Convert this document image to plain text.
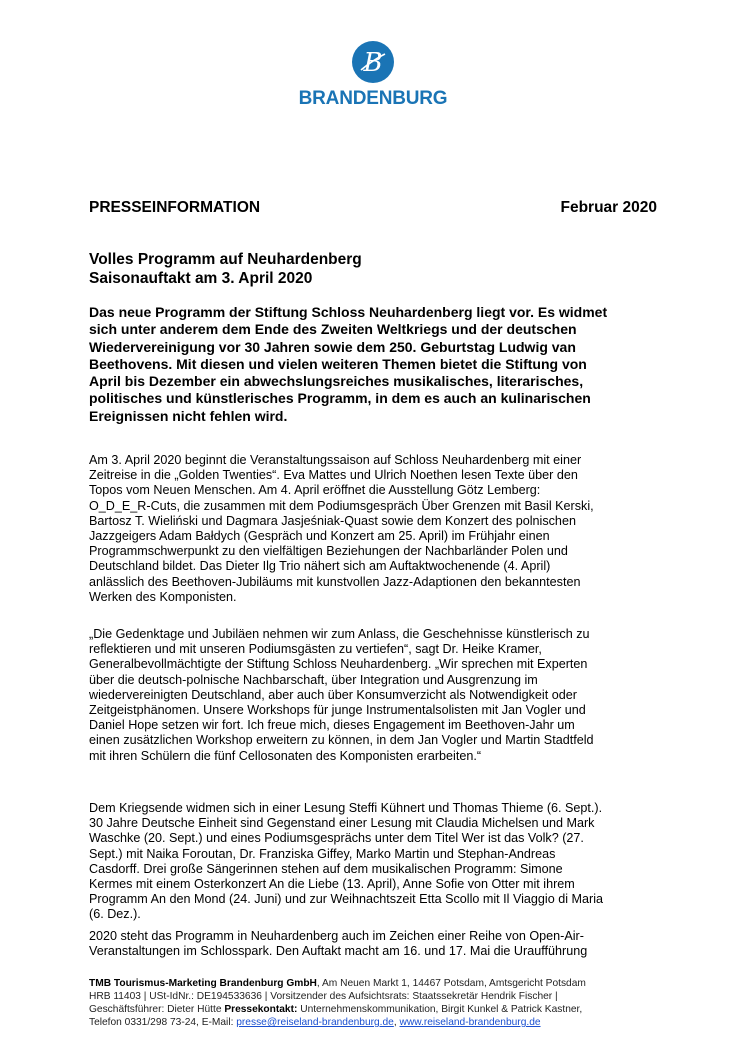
B
BRANDENBURG
PRESSEINFORMATION	Februar 2020
Volles Programm auf Neuhardenberg
Saisonauftakt am 3. April 2020
Das neue Programm der Stiftung Schloss Neuhardenberg liegt vor. Es widmet
sich unter anderem dem Ende des Zweiten Weltkriegs und der deutschen
Wiedervereinigung vor 30 Jahren sowie dem 250. Geburtstag Ludwig van
Beethovens. Mit diesen und vielen weiteren Themen bietet die Stiftung von
April bis Dezember ein abwechslungsreiches musikalisches, literarisches,
politisches und künstlerisches Programm, in dem es auch an kulinarischen
Ereignissen nicht fehlen wird.
Am 3. April 2020 beginnt die Veranstaltungssaison auf Schloss Neuhardenberg mit einer
Zeitreise in die „Golden Twenties“. Eva Mattes und Ulrich Noethen lesen Texte über den
Topos vom Neuen Menschen. Am 4. April eröffnet die Ausstellung Götz Lemberg:
O_D_E_R-Cuts, die zusammen mit dem Podiumsgespräch Über Grenzen mit Basil Kerski,
Bartosz T. Wieliński und Dagmara Jasjeśniak-Quast sowie dem Konzert des polnischen
Jazzgeigers Adam Bałdych (Gespräch und Konzert am 25. April) im Frühjahr einen
Programmschwerpunkt zu den vielfältigen Beziehungen der Nachbarländer Polen und
Deutschland bildet. Das Dieter Ilg Trio nähert sich am Auftaktwochenende (4. April)
anlässlich des Beethoven-Jubiläums mit kunstvollen Jazz-Adaptionen den bekanntesten
Werken des Komponisten.
„Die Gedenktage und Jubiläen nehmen wir zum Anlass, die Geschehnisse künstlerisch zu
reflektieren und mit unseren Podiumsgästen zu vertiefen“, sagt Dr. Heike Kramer,
Generalbevollmächtigte der Stiftung Schloss Neuhardenberg. „Wir sprechen mit Experten
über die deutsch-polnische Nachbarschaft, über Integration und Ausgrenzung im
wiedervereinigten Deutschland, aber auch über Konsumverzicht als Notwendigkeit oder
Zeitgeistphänomen. Unsere Workshops für junge Instrumentalsolisten mit Jan Vogler und
Daniel Hope setzen wir fort. Ich freue mich, dieses Engagement im Beethoven-Jahr um
einen zusätzlichen Workshop erweitern zu können, in dem Jan Vogler und Martin Stadtfeld
mit ihren Schülern die fünf Cellosonaten des Komponisten erarbeiten.“
Dem Kriegsende widmen sich in einer Lesung Steffi Kühnert und Thomas Thieme (6. Sept.).
30 Jahre Deutsche Einheit sind Gegenstand einer Lesung mit Claudia Michelsen und Mark
Waschke (20. Sept.) und eines Podiumsgesprächs unter dem Titel Wer ist das Volk? (27.
Sept.) mit Naika Foroutan, Dr. Franziska Giffey, Marko Martin und Stephan-Andreas
Casdorff. Drei große Sängerinnen stehen auf dem musikalischen Programm: Simone
Kermes mit einem Osterkonzert An die Liebe (13. April), Anne Sofie von Otter mit ihrem
Programm An den Mond (24. Juni) und zur Weihnachtszeit Etta Scollo mit Il Viaggio di Maria
(6. Dez.).
2020 steht das Programm in Neuhardenberg auch im Zeichen einer Reihe von Open-Air-
Veranstaltungen im Schlosspark. Den Auftakt macht am 16. und 17. Mai die Uraufführung
TMB Tourismus-Marketing Brandenburg GmbH, Am Neuen Markt 1, 14467 Potsdam, Amtsgericht Potsdam
HRB 11403 | USt-IdNr.: DE194533636 | Vorsitzender des Aufsichtsrats: Staatssekretär Hendrik Fischer |
Geschäftsführer: Dieter Hütte Pressekontakt: Unternehmenskommunikation, Birgit Kunkel & Patrick Kastner,
Telefon 0331/298 73-24, E-Mail: presse@reiseland-brandenburg.de, www.reiseland-brandenburg.de
